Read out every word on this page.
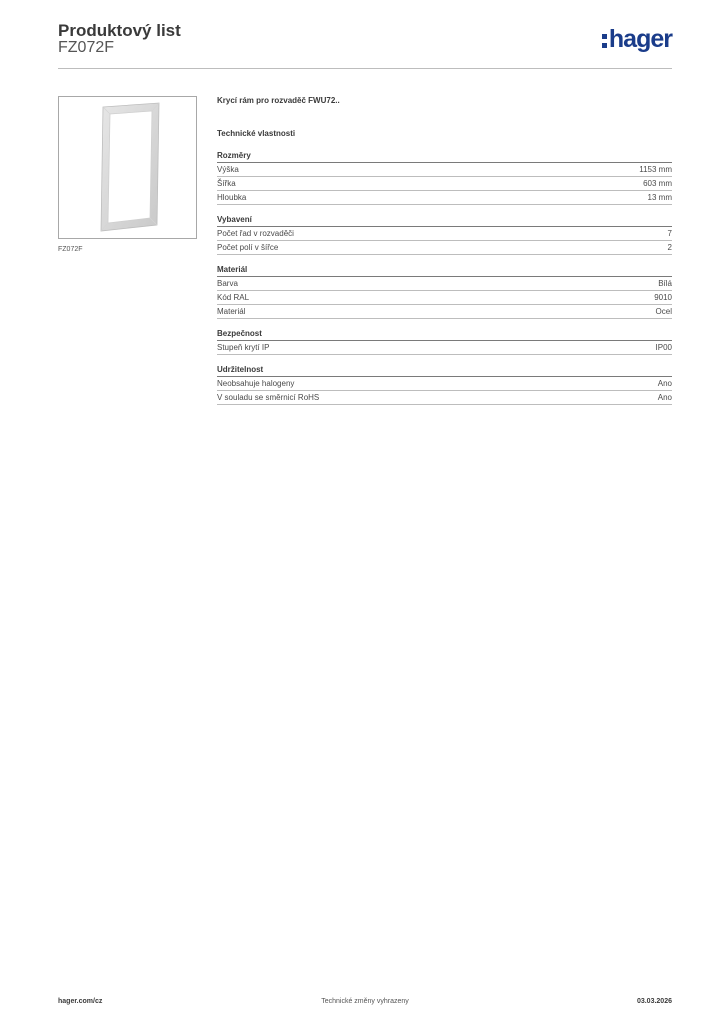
Produktový list
FZ072F	hager
FZ072F
Krycí rám pro rozvaděč FWU72..
Technické vlastnosti
Rozměry
Výška	1153 mm
Šířka	603 mm
Hloubka	13 mm
Vybavení
Počet řad v rozvaděči	7
Počet polí v šířce	2
Materiál
Barva	Bílá
Kód RAL	9010
Materiál	Ocel
Bezpečnost
Stupeň krytí IP	IP00
Udržitelnost
Neobsahuje halogeny	Ano
V souladu se směrnicí RoHS	Ano
hager.com/cz	Technické změny vyhrazeny	03.03.2026
